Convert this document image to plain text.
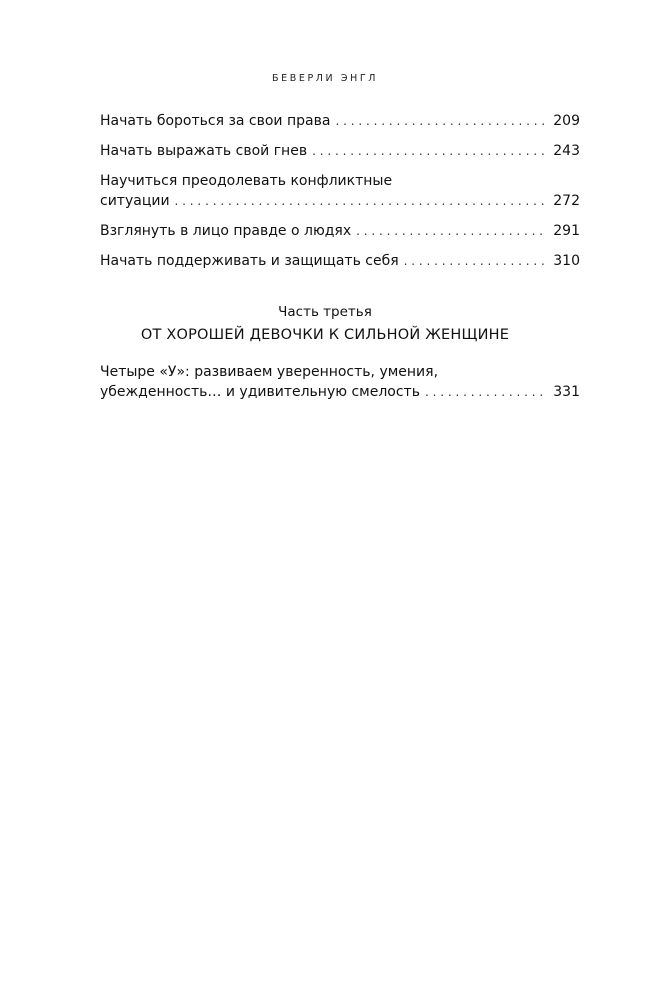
БЕВЕРЛИ ЭНГЛ
Начать бороться за свои права . . .	209
Начать выражать свой гнев . . .	243
Научиться преодолевать конфликтные
ситуации . . .	272
Взглянуть в лицо правде о людях . . .	291
Начать поддерживать и защищать себя . . .	310
Часть третья
ОТ ХОРОШЕЙ ДЕВОЧКИ К СИЛЬНОЙ ЖЕНЩИНЕ
Четыре «У»: развиваем уверенность, умения,
убежденность… и удивительную смелость . . .	331
